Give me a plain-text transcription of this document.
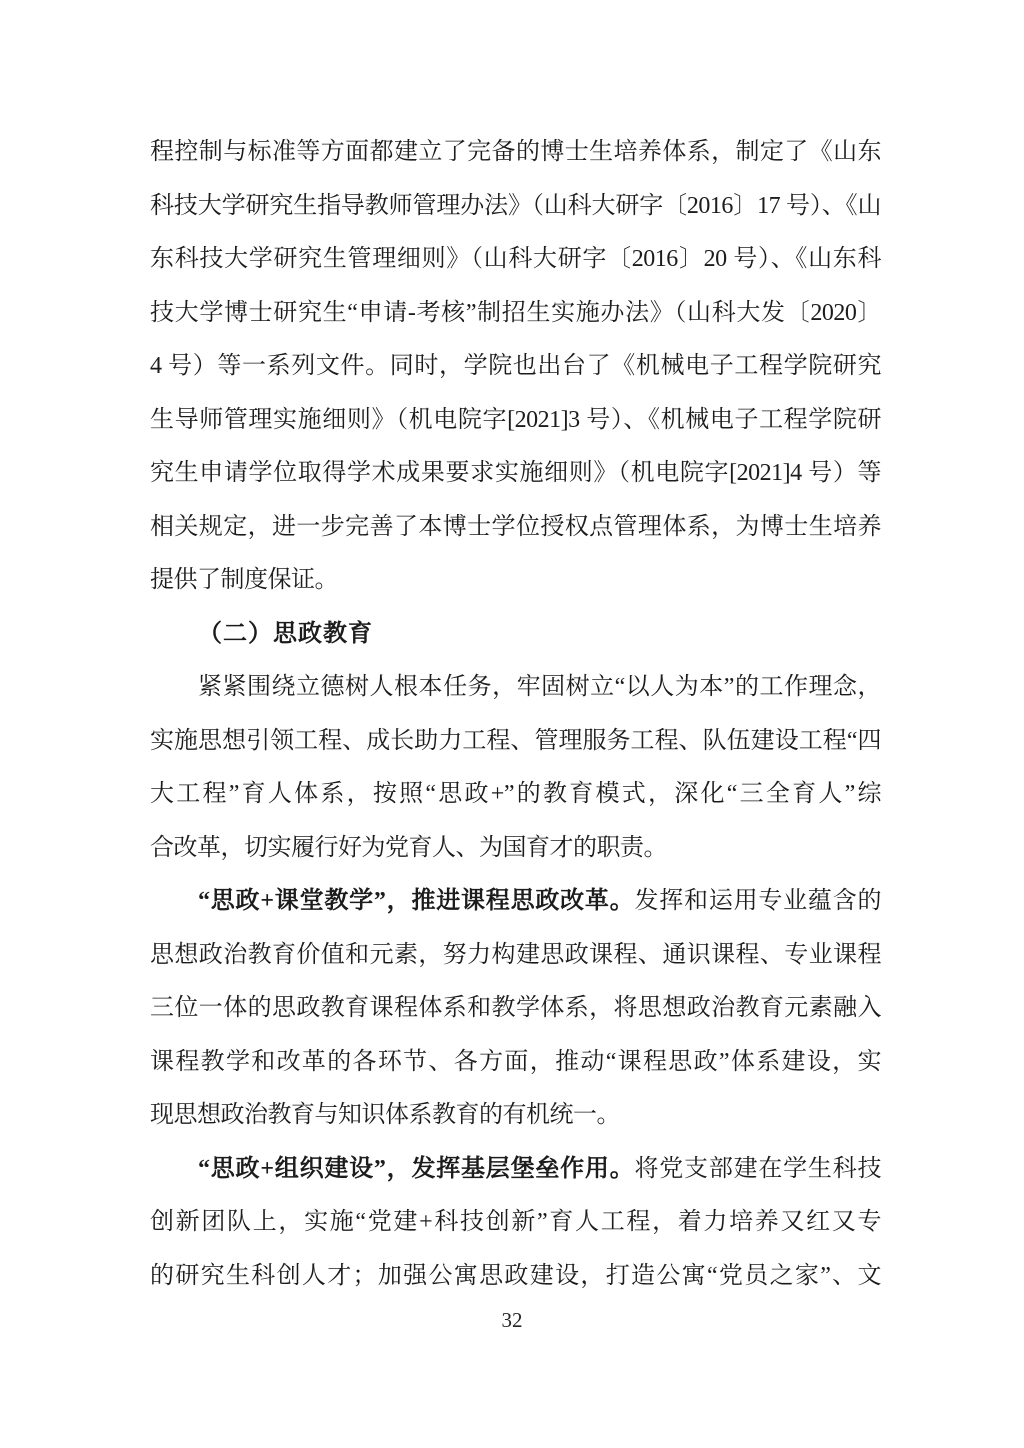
程控制与标准等方面都建立了完备的博士生培养体系，制定了《山东
科技大学研究生指导教师管理办法》（山科大研字〔2016〕17 号）、《山
东科技大学研究生管理细则》（山科大研字〔2016〕20 号）、《山东科
技大学博士研究生“申请-考核”制招生实施办法》（山科大发〔2020〕
4 号）等一系列文件。同时，学院也出台了《机械电子工程学院研究
生导师管理实施细则》（机电院字[2021]3 号）、《机械电子工程学院研
究生申请学位取得学术成果要求实施细则》（机电院字[2021]4 号）等
相关规定，进一步完善了本博士学位授权点管理体系，为博士生培养
提供了制度保证。
（二）思政教育
紧紧围绕立德树人根本任务，牢固树立“以人为本”的工作理念，
实施思想引领工程、成长助力工程、管理服务工程、队伍建设工程“四
大工程”育人体系，按照“思政+”的教育模式，深化“三全育人”综
合改革，切实履行好为党育人、为国育才的职责。
“思政+课堂教学”，推进课程思政改革。发挥和运用专业蕴含的
思想政治教育价值和元素，努力构建思政课程、通识课程、专业课程
三位一体的思政教育课程体系和教学体系，将思想政治教育元素融入
课程教学和改革的各环节、各方面，推动“课程思政”体系建设，实
现思想政治教育与知识体系教育的有机统一。
“思政+组织建设”，发挥基层堡垒作用。将党支部建在学生科技
创新团队上，实施“党建+科技创新”育人工程，着力培养又红又专
的研究生科创人才；加强公寓思政建设，打造公寓“党员之家”、文
32
